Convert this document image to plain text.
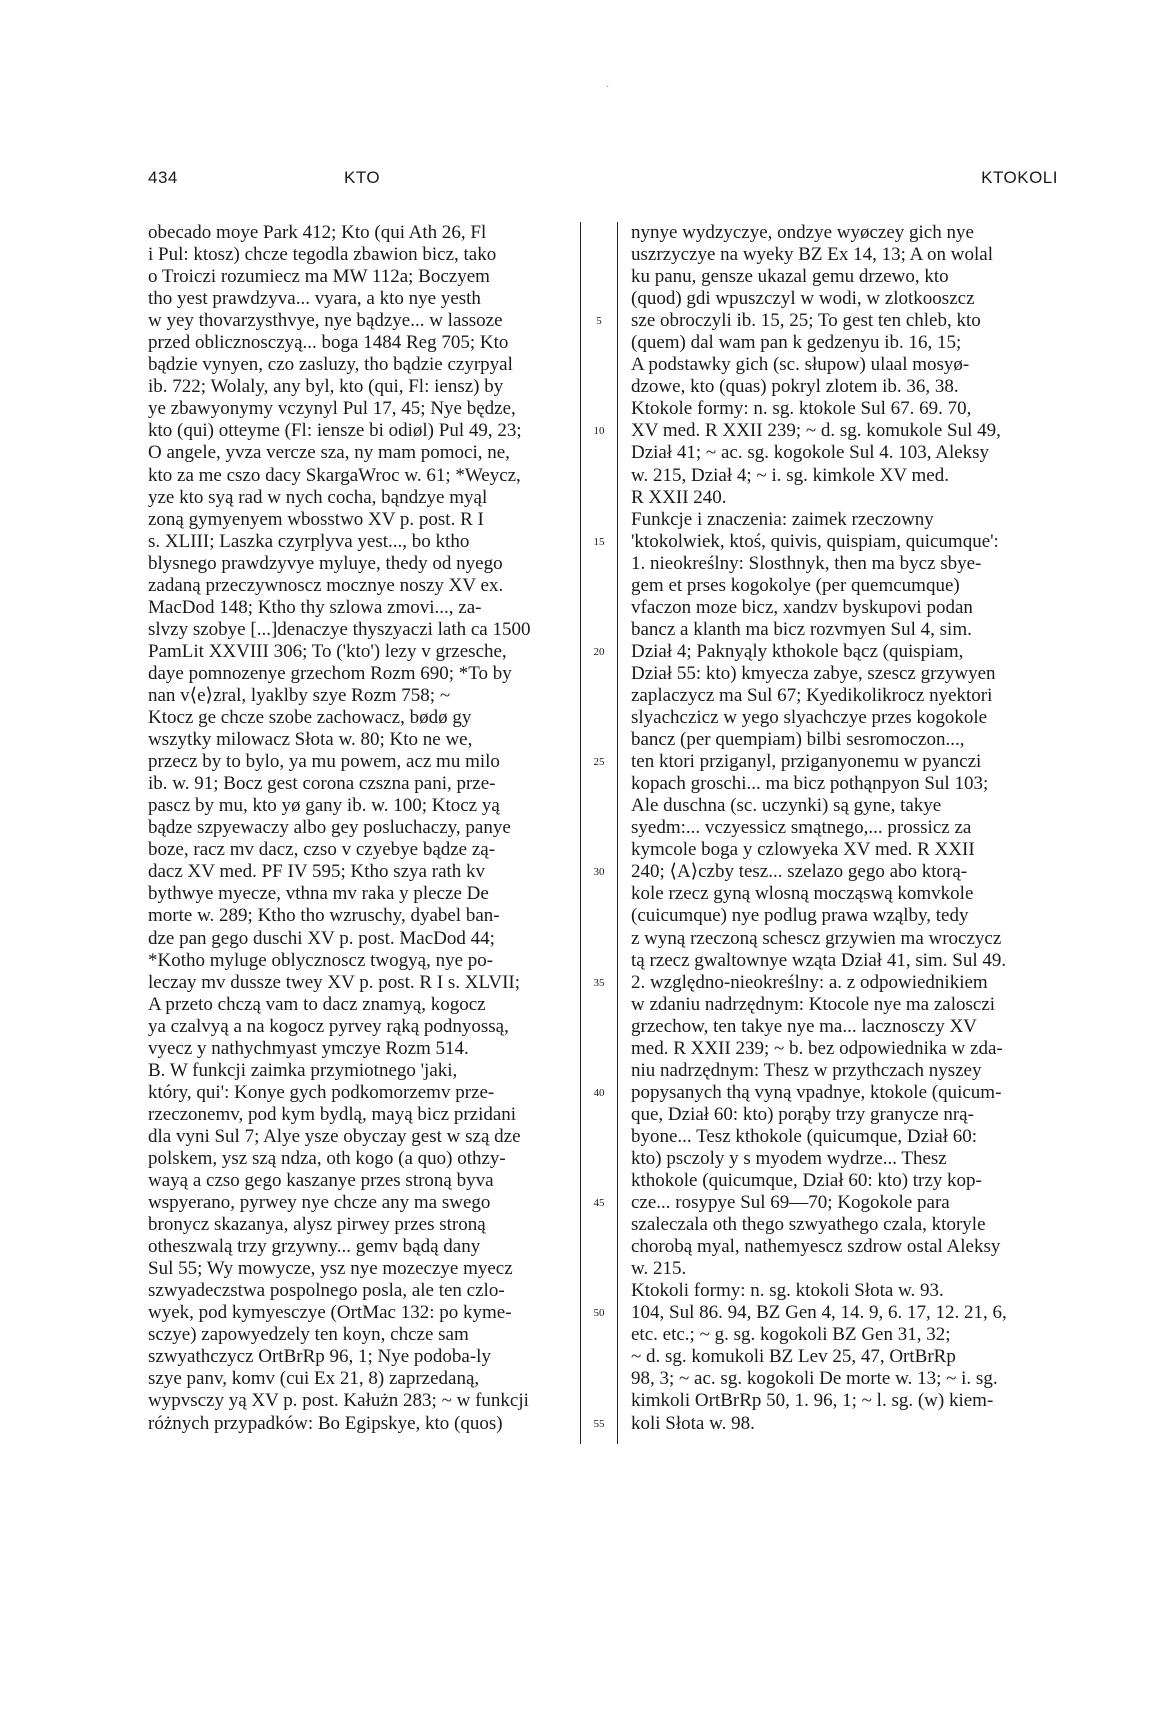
·
434	KTO	KTOKOLI
obecado moye Park 412; Kto (qui Ath 26, Fl
i Pul: ktosz) chcze tegodla zbawion bicz, tako
o Troiczi rozumiecz ma MW 112a; Boczyem
tho yest prawdzyva... vyara, a kto nye yesth
w yey thovarzysthvye, nye bądzye... w lassoze
przed oblicznosczyą... boga 1484 Reg 705; Kto
bądzie vynyen, czo zasluzy, tho bądzie czyrpyal
ib. 722; Wolaly, any byl, kto (qui, Fl: iensz) by
ye zbawyonymy vczynyl Pul 17, 45; Nye będze,
kto (qui) otteyme (Fl: iensze bi odiøl) Pul 49, 23;
O angele, yvza vercze sza, ny mam pomoci, ne,
kto za me cszo dacy SkargaWroc w. 61; *Weycz,
yze kto syą rad w nych cocha, bąndzye myąl
zoną gymyenyem wbosstwo XV p. post. R I
s. XLIII; Laszka czyrplyva yest..., bo ktho
blysnego prawdzyvye myluye, thedy od nyego
zadaną przeczywnoscz mocznye noszy XV ex.
MacDod 148; Ktho thy szlowa zmovi..., za-
slvzy szobye [...]denaczye thyszyaczi lath ca 1500
PamLit XXVIII 306; To ('kto') lezy v grzesche,
daye pomnozenye grzechom Rozm 690; *To by
nan v⟨e⟩zral, lyaklby szye Rozm 758; ~
Ktocz ge chcze szobe zachowacz, bødø gy
wszytky milowacz Słota w. 80; Kto ne we,
przecz by to bylo, ya mu powem, acz mu milo
ib. w. 91; Bocz gest corona czszna pani, prze-
pascz by mu, kto yø gany ib. w. 100; Ktocz yą
bądze szpyewaczy albo gey posluchaczy, panye
boze, racz mv dacz, czso v czyebye bądze zą-
dacz XV med. PF IV 595; Ktho szya rath kv
bythwye myecze, vthna mv raka y plecze De
morte w. 289; Ktho tho wzruschy, dyabel ban-
dze pan gego duschi XV p. post. MacDod 44;
*Kotho myluge oblycznoscz twogyą, nye po-
leczay mv dussze twey XV p. post. R I s. XLVII;
A przeto chczą vam to dacz znamyą, kogocz
ya czalvyą a na kogocz pyrvey rąką podnyossą,
vyecz y nathychmyast ymczye Rozm 514.
B. W funkcji zaimka przymiotnego 'jaki,
który, qui': Konye gych podkomorzemv prze-
rzeczonemv, pod kym bydlą, mayą bicz przidani
dla vyni Sul 7; Alye ysze obyczay gest w szą dze
polskem, ysz szą ndza, oth kogo (a quo) othzy-
wayą a czso gego kaszanye przes stroną byva
wspyerano, pyrwey nye chcze any ma swego
bronycz skazanya, alysz pirwey przes stroną
otheszwalą trzy grzywny... gemv bądą dany
Sul 55; Wy mowycze, ysz nye mozeczye myecz
szwyadeczstwa pospolnego posla, ale ten czlo-
wyek, pod kymyesczye (OrtMac 132: po kyme-
sczye) zapowyedzely ten koyn, chcze sam
szwyathczycz OrtBrRp 96, 1; Nye podoba-ly
szye panv, komv (cui Ex 21, 8) zaprzedaną,
wypvsczy yą XV p. post. Kałużn 283; ~ w funkcji
różnych przypadków: Bo Egipskye, kto (quos)
5
10
15
20
25
30
35
40
45
50
55
nynye wydzyczye, ondzye wyøczey gich nye
uszrzyczye na wyeky BZ Ex 14, 13; A on wolal
ku panu, gensze ukazal gemu drzewo, kto
(quod) gdi wpuszczyl w wodi, w zlotkooszcz
sze obroczyli ib. 15, 25; To gest ten chleb, kto
(quem) dal wam pan k gedzenyu ib. 16, 15;
A podstawky gich (sc. słupow) ulaal mosyø-
dzowe, kto (quas) pokryl zlotem ib. 36, 38.
Ktokole formy: n. sg. ktokole Sul 67. 69. 70,
XV med. R XXII 239; ~ d. sg. komukole Sul 49,
Dział 41; ~ ac. sg. kogokole Sul 4. 103, Aleksy
w. 215, Dział 4; ~ i. sg. kimkole XV med.
R XXII 240.
Funkcje i znaczenia: zaimek rzeczowny
'ktokolwiek, ktoś, quivis, quispiam, quicumque':
1. nieokreślny: Slosthnyk, then ma bycz sbye-
gem et prses kogokolye (per quemcumque)
vfaczon moze bicz, xandzv byskupovi podan
bancz a klanth ma bicz rozvmyen Sul 4, sim.
Dział 4; Paknyąly kthokole bącz (quispiam,
Dział 55: kto) kmyecza zabye, szescz grzywyen
zaplaczycz ma Sul 67; Kyedikolikrocz nyektori
slyachczicz w yego slyachczye przes kogokole
bancz (per quempiam) bilbi sesromoczon...,
ten ktori prziganyl, prziganyonemu w pyanczi
kopach groschi... ma bicz pothąnpyon Sul 103;
Ale duschna (sc. uczynki) są gyne, takye
syedm:... vczyessicz smątnego,... prossicz za
kymcole boga y czlowyeka XV med. R XXII
240; ⟨A⟩czby tesz... szelazo gego abo ktorą-
kole rzecz gyną wlosną mocząswą komvkole
(cuicumque) nye podlug prawa wząlby, tedy
z wyną rzeczoną schescz grzywien ma wroczycz
tą rzecz gwaltownye wząta Dział 41, sim. Sul 49.
2. względno-nieokreślny: a. z odpowiednikiem
w zdaniu nadrzędnym: Ktocole nye ma zalosczi
grzechow, ten takye nye ma... lacznosczy XV
med. R XXII 239; ~ b. bez odpowiednika w zda-
niu nadrzędnym: Thesz w przythczach nyszey
popysanych thą vyną vpadnye, ktokole (quicum-
que, Dział 60: kto) porąby trzy granycze nrą-
byone... Tesz kthokole (quicumque, Dział 60:
kto) psczoly y s myodem wydrze... Thesz
kthokole (quicumque, Dział 60: kto) trzy kop-
cze... rosypye Sul 69—70; Kogokole para
szaleczala oth thego szwyathego czala, ktoryle
chorobą myal, nathemyescz szdrow ostal Aleksy
w. 215.
Ktokoli formy: n. sg. ktokoli Słota w. 93.
104, Sul 86. 94, BZ Gen 4, 14. 9, 6. 17, 12. 21, 6,
etc. etc.; ~ g. sg. kogokoli BZ Gen 31, 32;
~ d. sg. komukoli BZ Lev 25, 47, OrtBrRp
98, 3; ~ ac. sg. kogokoli De morte w. 13; ~ i. sg.
kimkoli OrtBrRp 50, 1. 96, 1; ~ l. sg. (w) kiem-
koli Słota w. 98.
